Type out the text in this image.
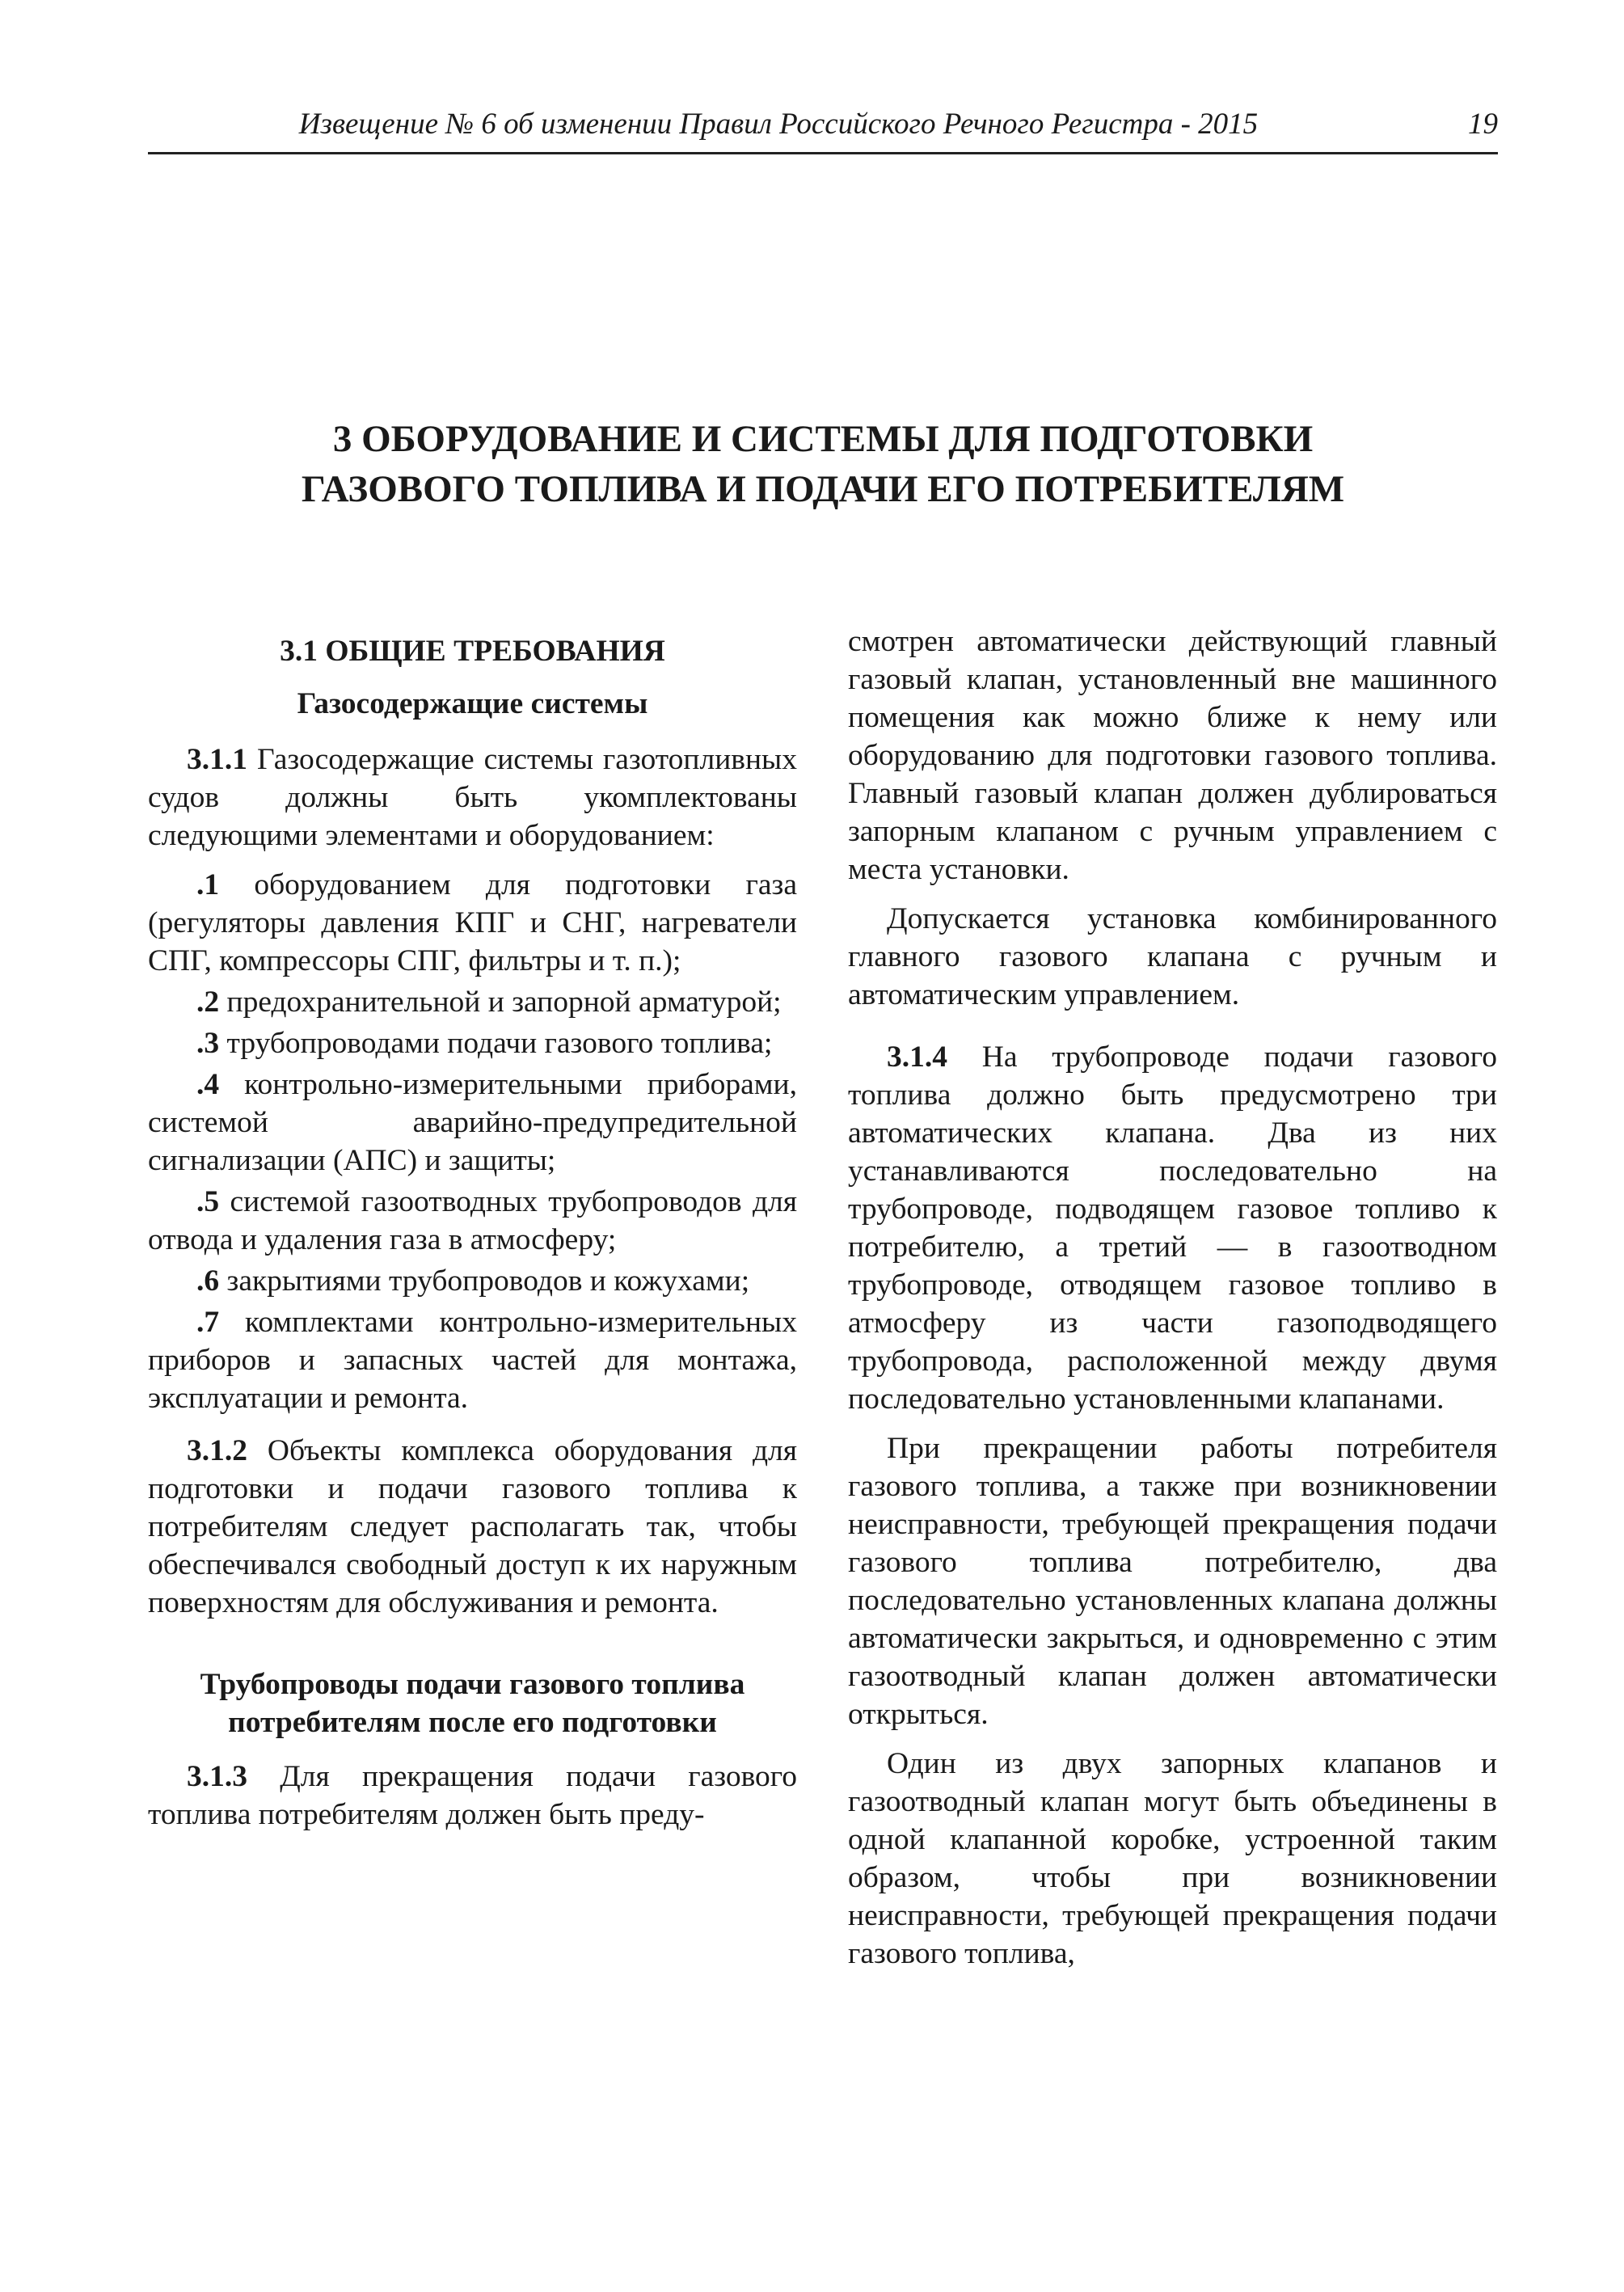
Извещение № 6 об изменении Правил Российского Речного Регистра - 2015	19
3 ОБОРУДОВАНИЕ И СИСТЕМЫ ДЛЯ ПОДГОТОВКИ
ГАЗОВОГО ТОПЛИВА И ПОДАЧИ ЕГО ПОТРЕБИТЕЛЯМ
3.1 ОБЩИЕ ТРЕБОВАНИЯ
Газосодержащие системы

3.1.1 Газосодержащие системы газотопливных судов должны быть укомплектованы следующими элементами и оборудованием:

.1 оборудованием для подготовки газа (регуляторы давления КПГ и СНГ, нагреватели СПГ, компрессоры СПГ, фильтры и т. п.);

.2 предохранительной и запорной арматурой;

.3 трубопроводами подачи газового топлива;

.4 контрольно-измерительными приборами, системой аварийно-предупредительной сигнализации (АПС) и защиты;

.5 системой газоотводных трубопроводов для отвода и удаления газа в атмосферу;

.6 закрытиями трубопроводов и кожухами;

.7 комплектами контрольно-измерительных приборов и запасных частей для монтажа, эксплуатации и ремонта.

3.1.2 Объекты комплекса оборудования для подготовки и подачи газового топлива к потребителям следует располагать так, чтобы обеспечивался свободный доступ к их наружным поверхностям для обслуживания и ремонта.

Трубопроводы подачи газового топлива
потребителям после его подготовки

3.1.3 Для прекращения подачи газового топлива потребителям должен быть преду-

смотрен автоматически действующий главный газовый клапан, установленный вне машинного помещения как можно ближе к нему или оборудованию для подготовки газового топлива. Главный газовый клапан должен дублироваться запорным клапаном с ручным управлением с места установки.

Допускается установка комбинированного главного газового клапана с ручным и автоматическим управлением.

3.1.4 На трубопроводе подачи газового топлива должно быть предусмотрено три автоматических клапана. Два из них устанавливаются последовательно на трубопроводе, подводящем газовое топливо к потребителю, а третий — в газоотводном трубопроводе, отводящем газовое топливо в атмосферу из части газоподводящего трубопровода, расположенной между двумя последовательно установленными клапанами.

При прекращении работы потребителя газового топлива, а также при возникновении неисправности, требующей прекращения подачи газового топлива потребителю, два последовательно установленных клапана должны автоматически закрыться, и одновременно с этим газоотводный клапан должен автоматически открыться.

Один из двух запорных клапанов и газоотводный клапан могут быть объединены в одной клапанной коробке, устроенной таким образом, чтобы при возникновении неисправности, требующей прекращения подачи газового топлива,
